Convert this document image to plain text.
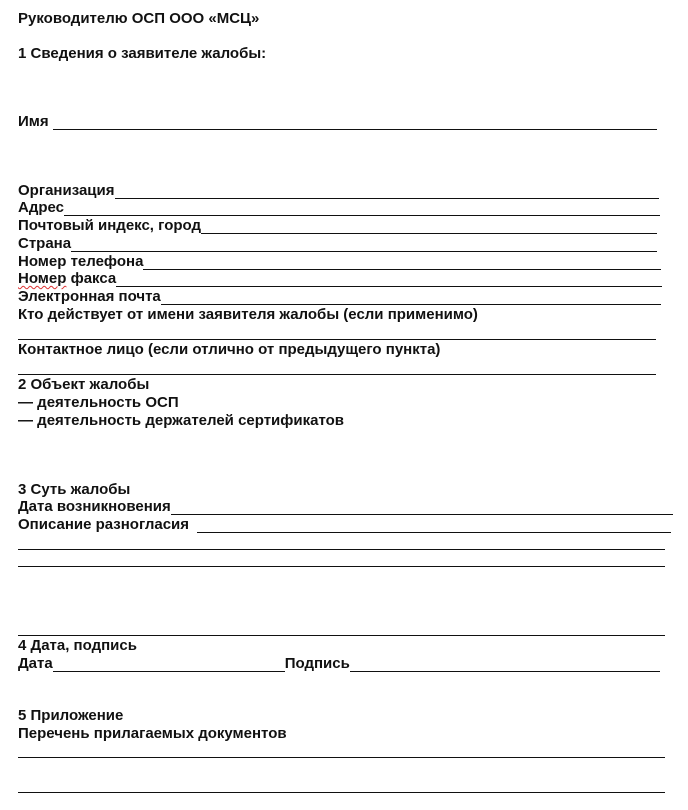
Руководителю ОСП ООО «МСЦ»
1 Сведения о заявителе жалобы:
Имя
Организация
Адрес
Почтовый индекс, город
Страна
Номер телефона
Номер факса
Электронная почта
Кто действует от имени заявителя жалобы (если применимо)
Контактное лицо (если отлично от предыдущего пункта)
2 Объект жалобы
— деятельность ОСП
— деятельность держателей сертификатов
3 Суть жалобы
Дата возникновения
Описание разногласия
4 Дата, подпись
Дата	Подпись
5 Приложение
Перечень прилагаемых документов
